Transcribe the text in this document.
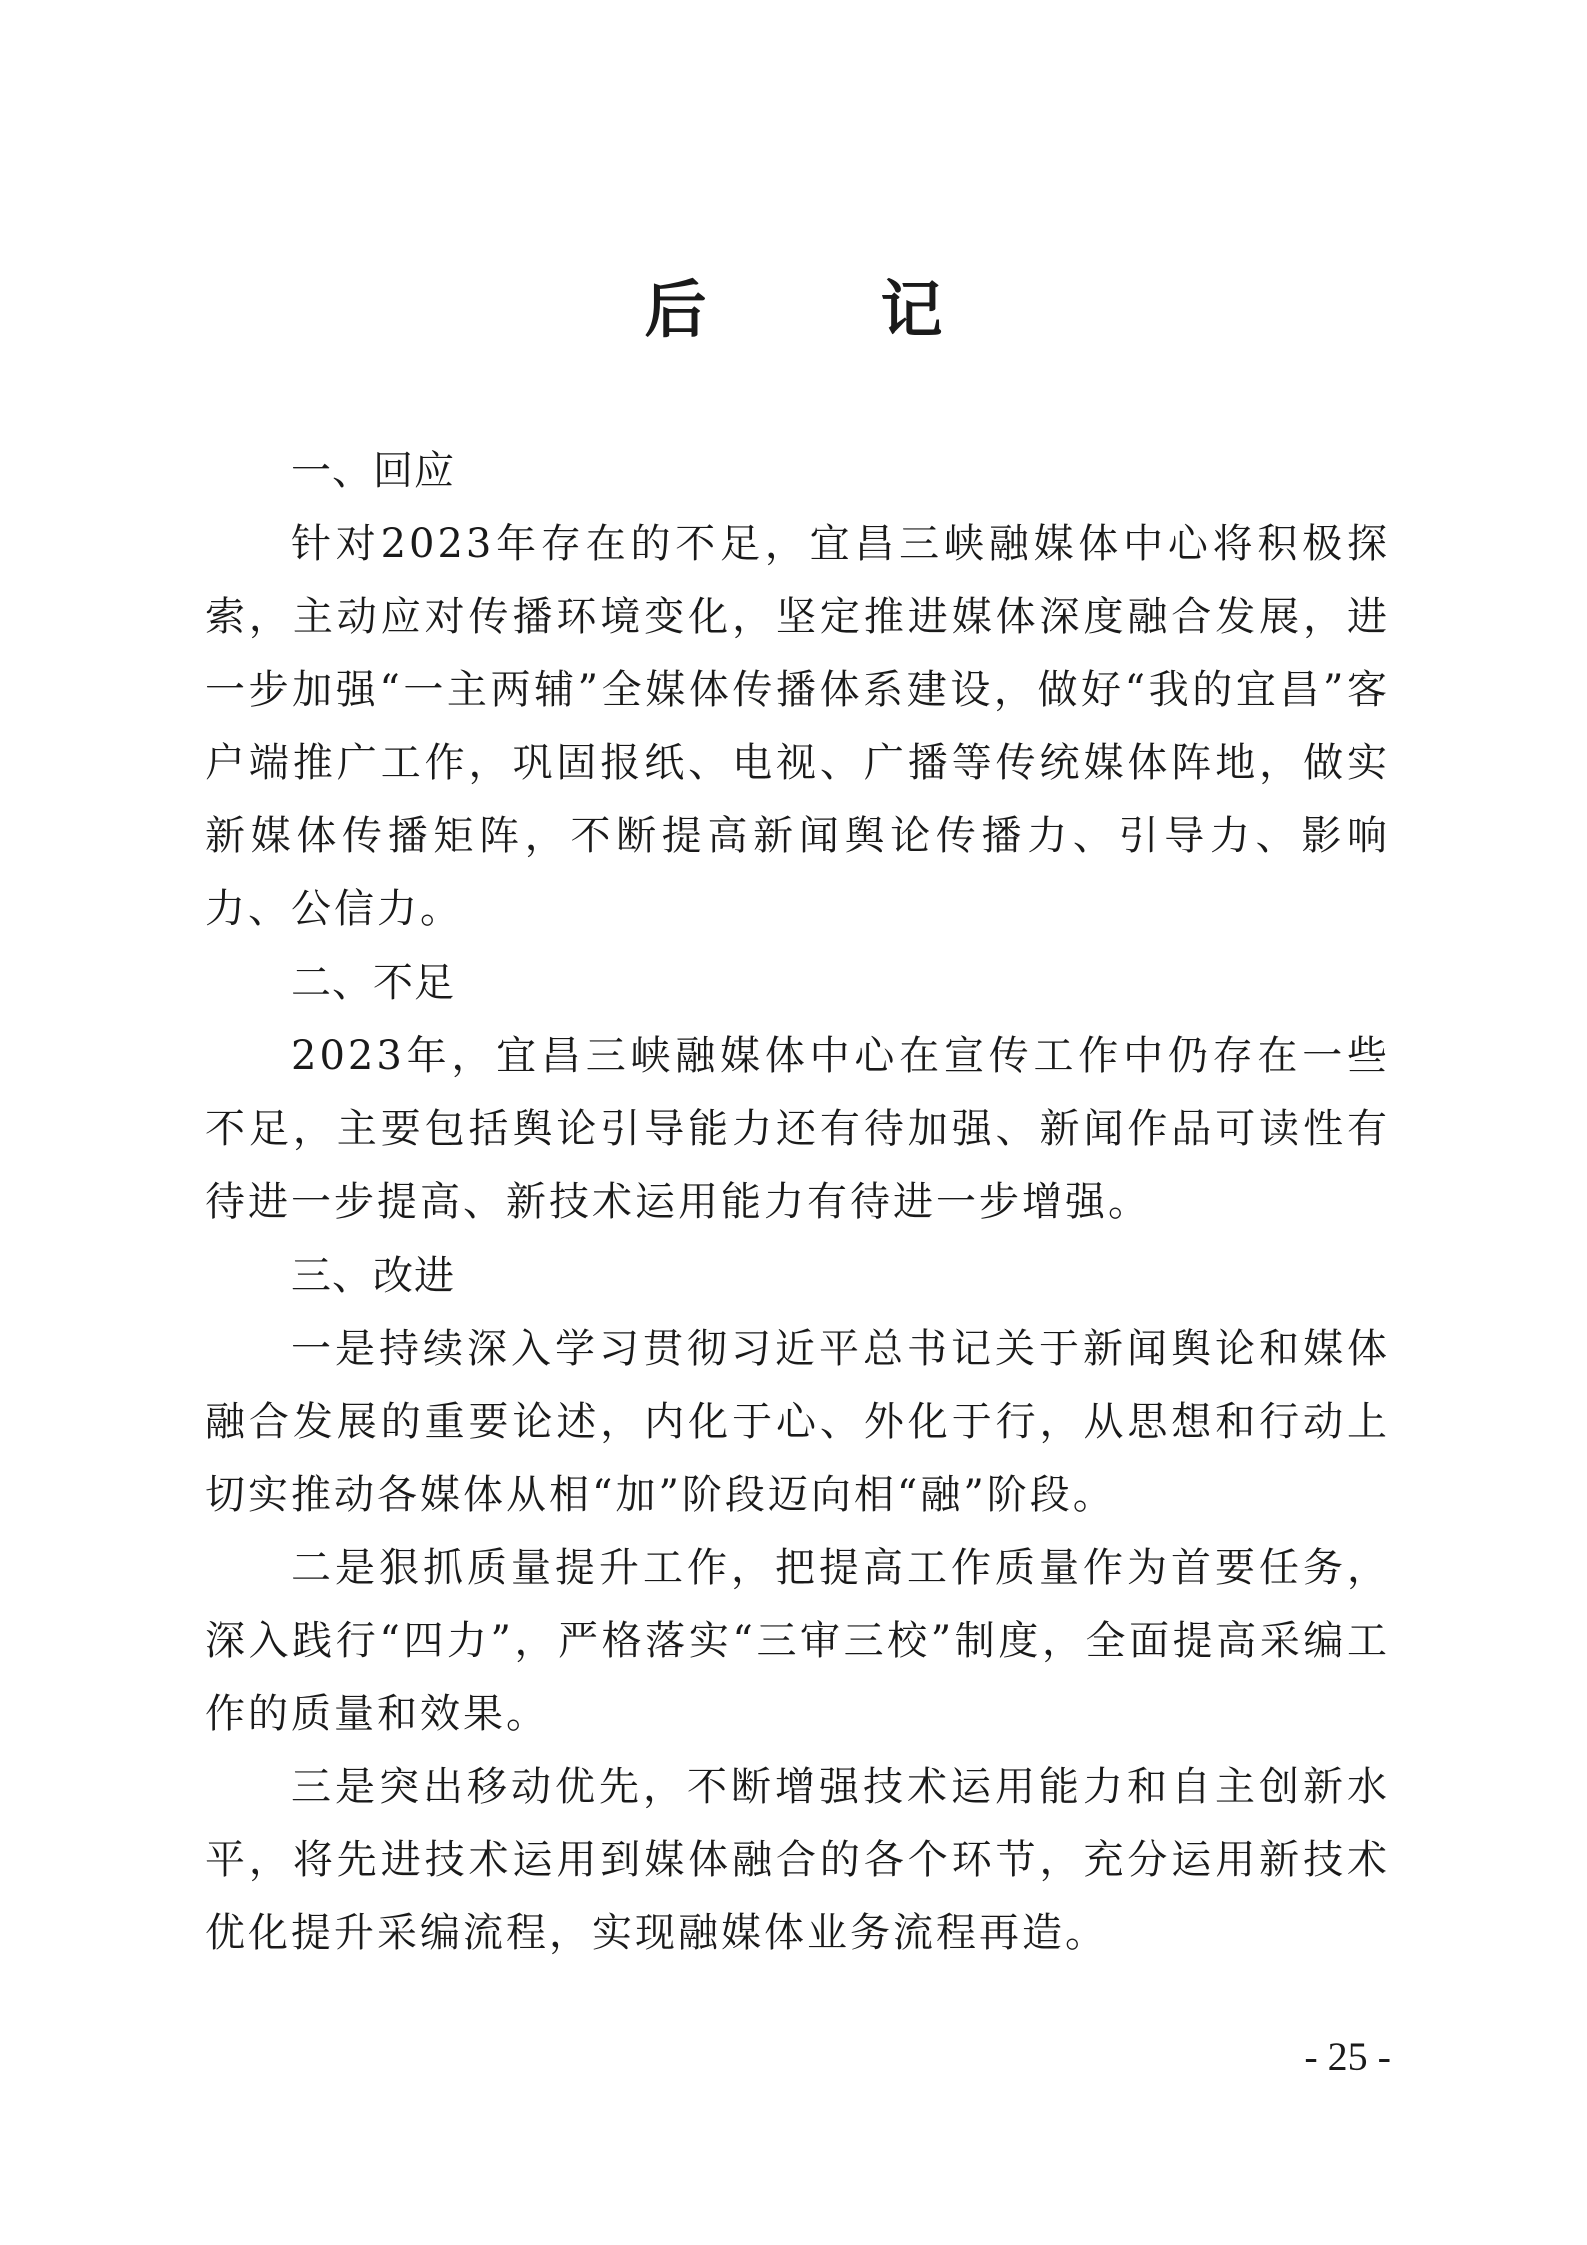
后　记

一、回应

针对2023年存在的不足，宜昌三峡融媒体中心将积极探索，主动应对传播环境变化，坚定推进媒体深度融合发展，进一步加强“一主两辅”全媒体传播体系建设，做好“我的宜昌”客户端推广工作，巩固报纸、电视、广播等传统媒体阵地，做实新媒体传播矩阵，不断提高新闻舆论传播力、引导力、影响力、公信力。

二、不足

2023年，宜昌三峡融媒体中心在宣传工作中仍存在一些不足，主要包括舆论引导能力还有待加强、新闻作品可读性有待进一步提高、新技术运用能力有待进一步增强。

三、改进

一是持续深入学习贯彻习近平总书记关于新闻舆论和媒体融合发展的重要论述，内化于心、外化于行，从思想和行动上切实推动各媒体从相“加”阶段迈向相“融”阶段。

二是狠抓质量提升工作，把提高工作质量作为首要任务，深入践行“四力”，严格落实“三审三校”制度，全面提高采编工作的质量和效果。

三是突出移动优先，不断增强技术运用能力和自主创新水平，将先进技术运用到媒体融合的各个环节，充分运用新技术优化提升采编流程，实现融媒体业务流程再造。

- 25 -
